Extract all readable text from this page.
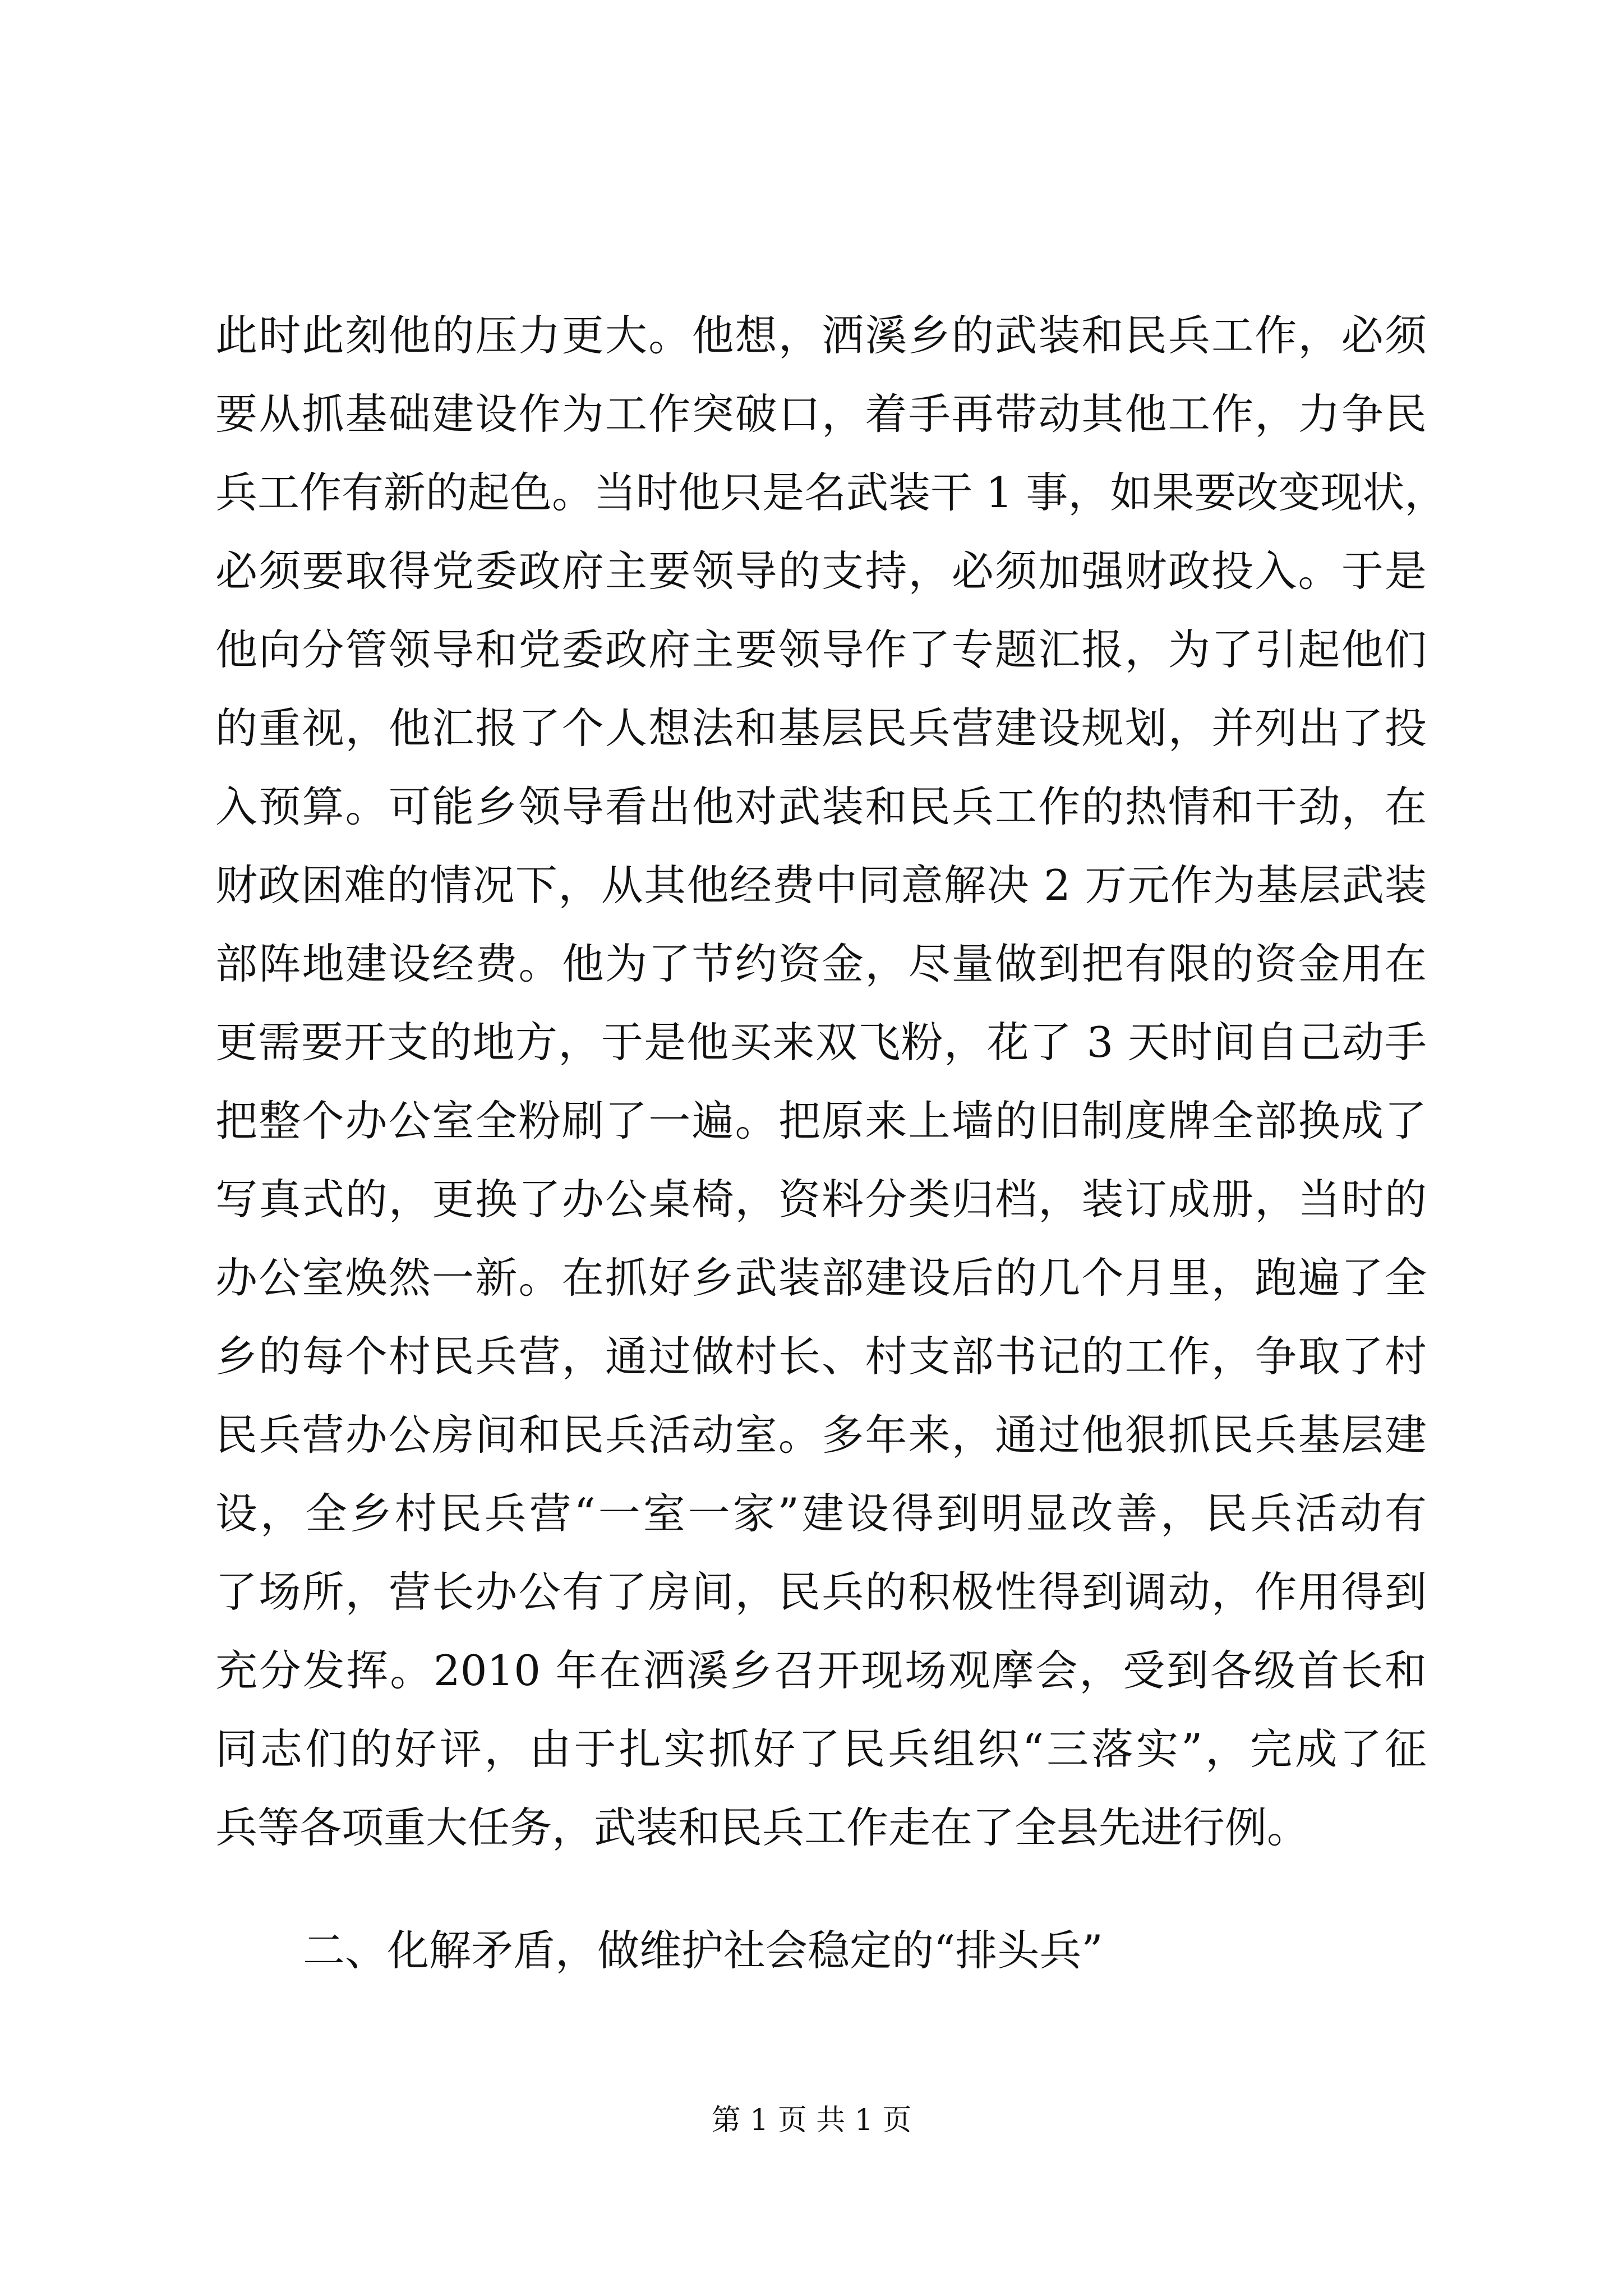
此时此刻他的压力更大。他想，洒溪乡的武装和民兵工作，必须
要从抓基础建设作为工作突破口，着手再带动其他工作，力争民
兵工作有新的起色。当时他只是名武装干 1 事，如果要改变现状，
必须要取得党委政府主要领导的支持，必须加强财政投入。于是
他向分管领导和党委政府主要领导作了专题汇报，为了引起他们
的重视，他汇报了个人想法和基层民兵营建设规划，并列出了投
入预算。可能乡领导看出他对武装和民兵工作的热情和干劲，在
财政困难的情况下，从其他经费中同意解决 2 万元作为基层武装
部阵地建设经费。他为了节约资金，尽量做到把有限的资金用在
更需要开支的地方，于是他买来双飞粉，花了 3 天时间自己动手
把整个办公室全粉刷了一遍。把原来上墙的旧制度牌全部换成了
写真式的，更换了办公桌椅，资料分类归档，装订成册，当时的
办公室焕然一新。在抓好乡武装部建设后的几个月里，跑遍了全
乡的每个村民兵营，通过做村长、村支部书记的工作，争取了村
民兵营办公房间和民兵活动室。多年来，通过他狠抓民兵基层建
设，全乡村民兵营“一室一家”建设得到明显改善，民兵活动有
了场所，营长办公有了房间，民兵的积极性得到调动，作用得到
充分发挥。2010 年在洒溪乡召开现场观摩会，受到各级首长和
同志们的好评，由于扎实抓好了民兵组织“三落实”，完成了征
兵等各项重大任务，武装和民兵工作走在了全县先进行例。
二、化解矛盾，做维护社会稳定的“排头兵”
第 1 页 共 1 页
